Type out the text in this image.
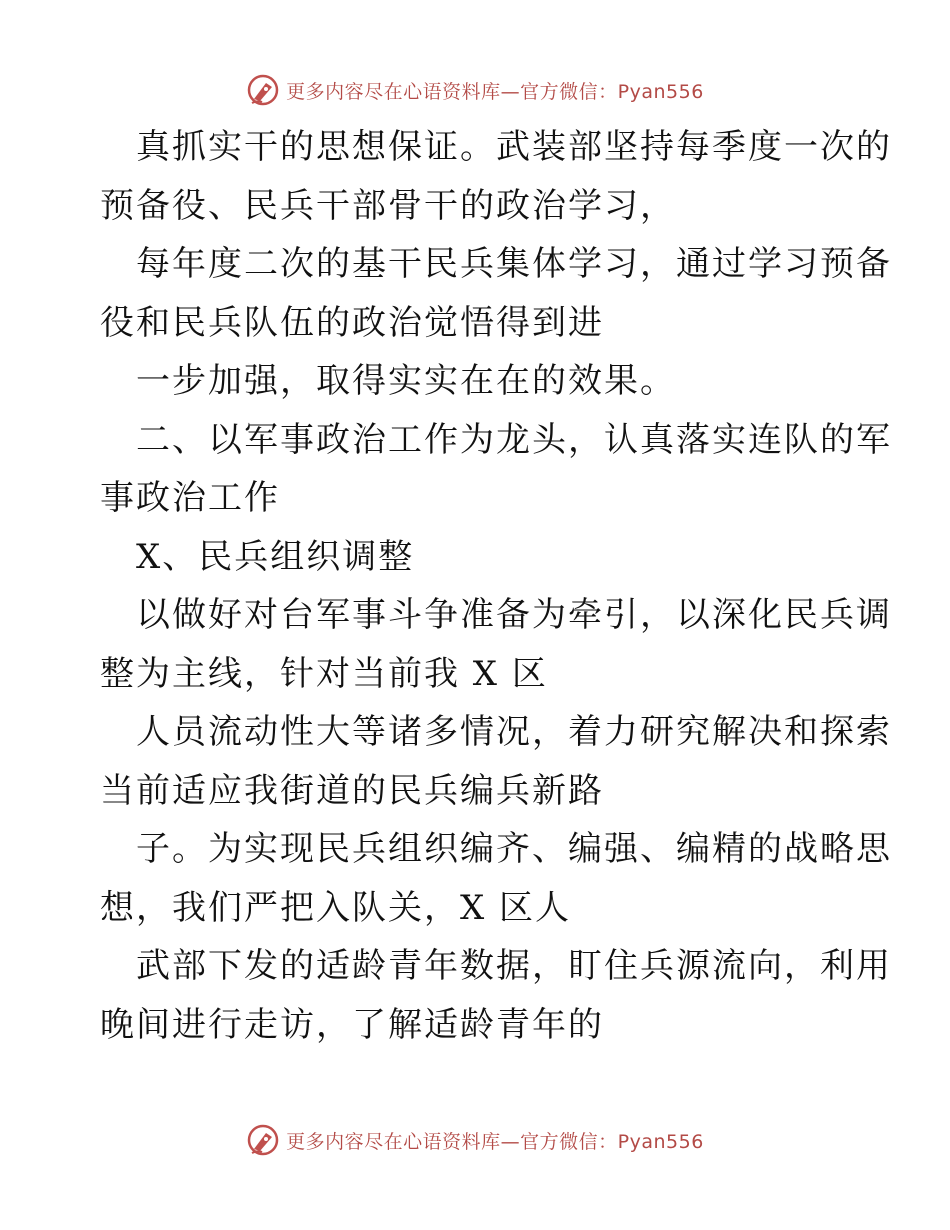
更多内容尽在心语资料库—官方微信：Pyan556
真抓实干的思想保证。武装部坚持每季度一次的
预备役、民兵干部骨干的政治学习，
每年度二次的基干民兵集体学习，通过学习预备
役和民兵队伍的政治觉悟得到进
一步加强，取得实实在在的效果。
二、以军事政治工作为龙头，认真落实连队的军
事政治工作
X、民兵组织调整
以做好对台军事斗争准备为牵引，以深化民兵调
整为主线，针对当前我 X 区
人员流动性大等诸多情况，着力研究解决和探索
当前适应我街道的民兵编兵新路
子。为实现民兵组织编齐、编强、编精的战略思
想，我们严把入队关，X 区人
武部下发的适龄青年数据，盯住兵源流向，利用
晚间进行走访，了解适龄青年的
更多内容尽在心语资料库—官方微信：Pyan556
